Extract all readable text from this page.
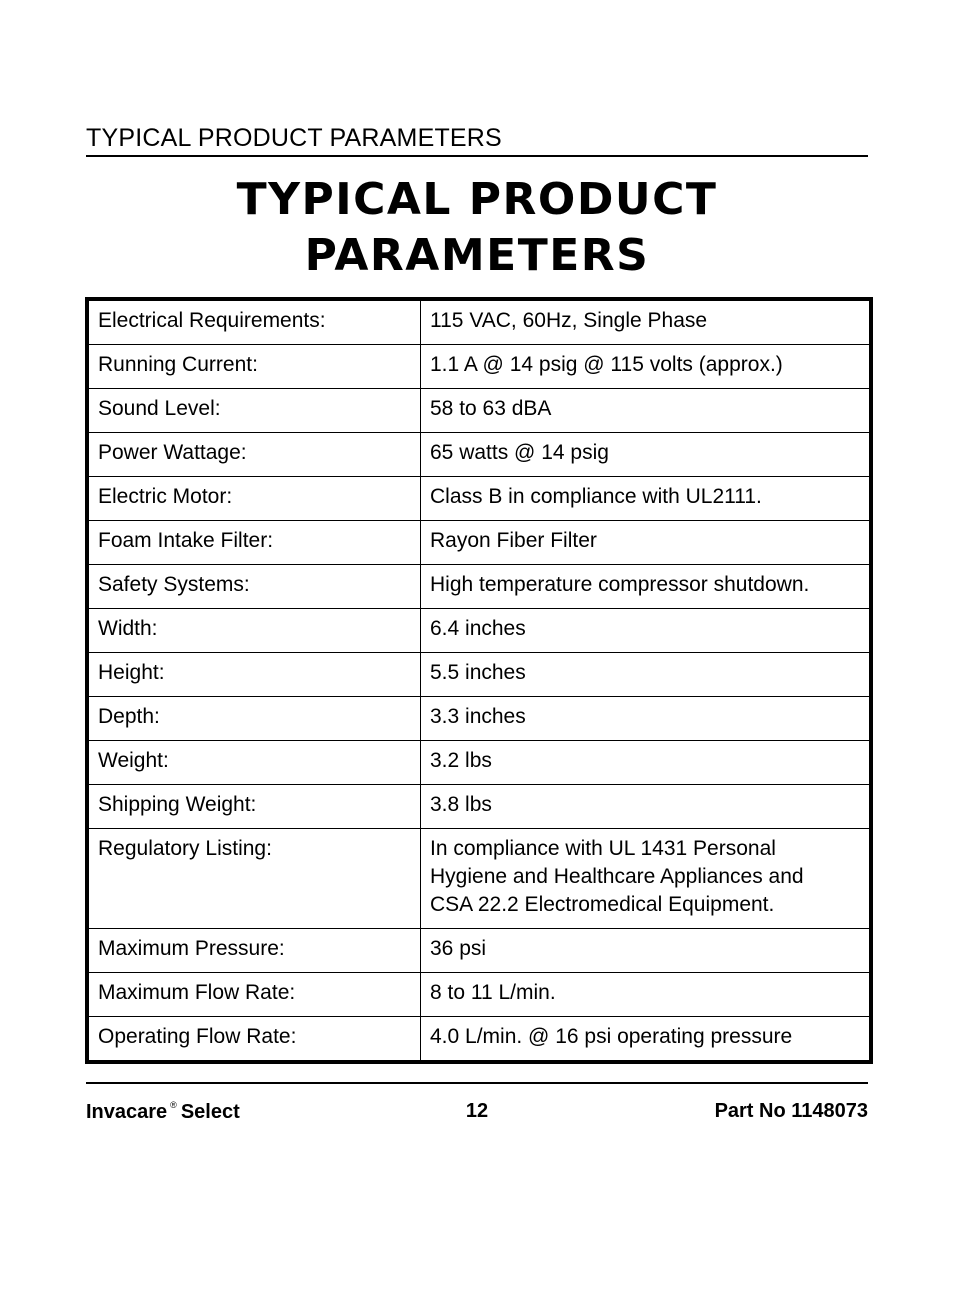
TYPICAL PRODUCT PARAMETERS
TYPICAL PRODUCT
PARAMETERS
Electrical Requirements:	115 VAC, 60Hz, Single Phase
Running Current:	1.1 A @ 14 psig @ 115 volts (approx.)
Sound Level:	58 to 63 dBA
Power Wattage:	65 watts @ 14 psig
Electric Motor:	Class B in compliance with UL2111.
Foam Intake Filter:	Rayon Fiber Filter
Safety Systems:	High temperature compressor shutdown.
Width:	6.4 inches
Height:	5.5 inches
Depth:	3.3 inches
Weight:	3.2 lbs
Shipping Weight:	3.8 lbs
Regulatory Listing:	In compliance with UL 1431 Personal
Hygiene and Healthcare Appliances and
CSA 22.2 Electromedical Equipment.

Maximum Pressure:	36 psi
Maximum Flow Rate:	8 to 11 L/min.
Operating Flow Rate:	4.0 L/min. @ 16 psi operating pressure
Invacare ® Select	12	Part No 1148073
